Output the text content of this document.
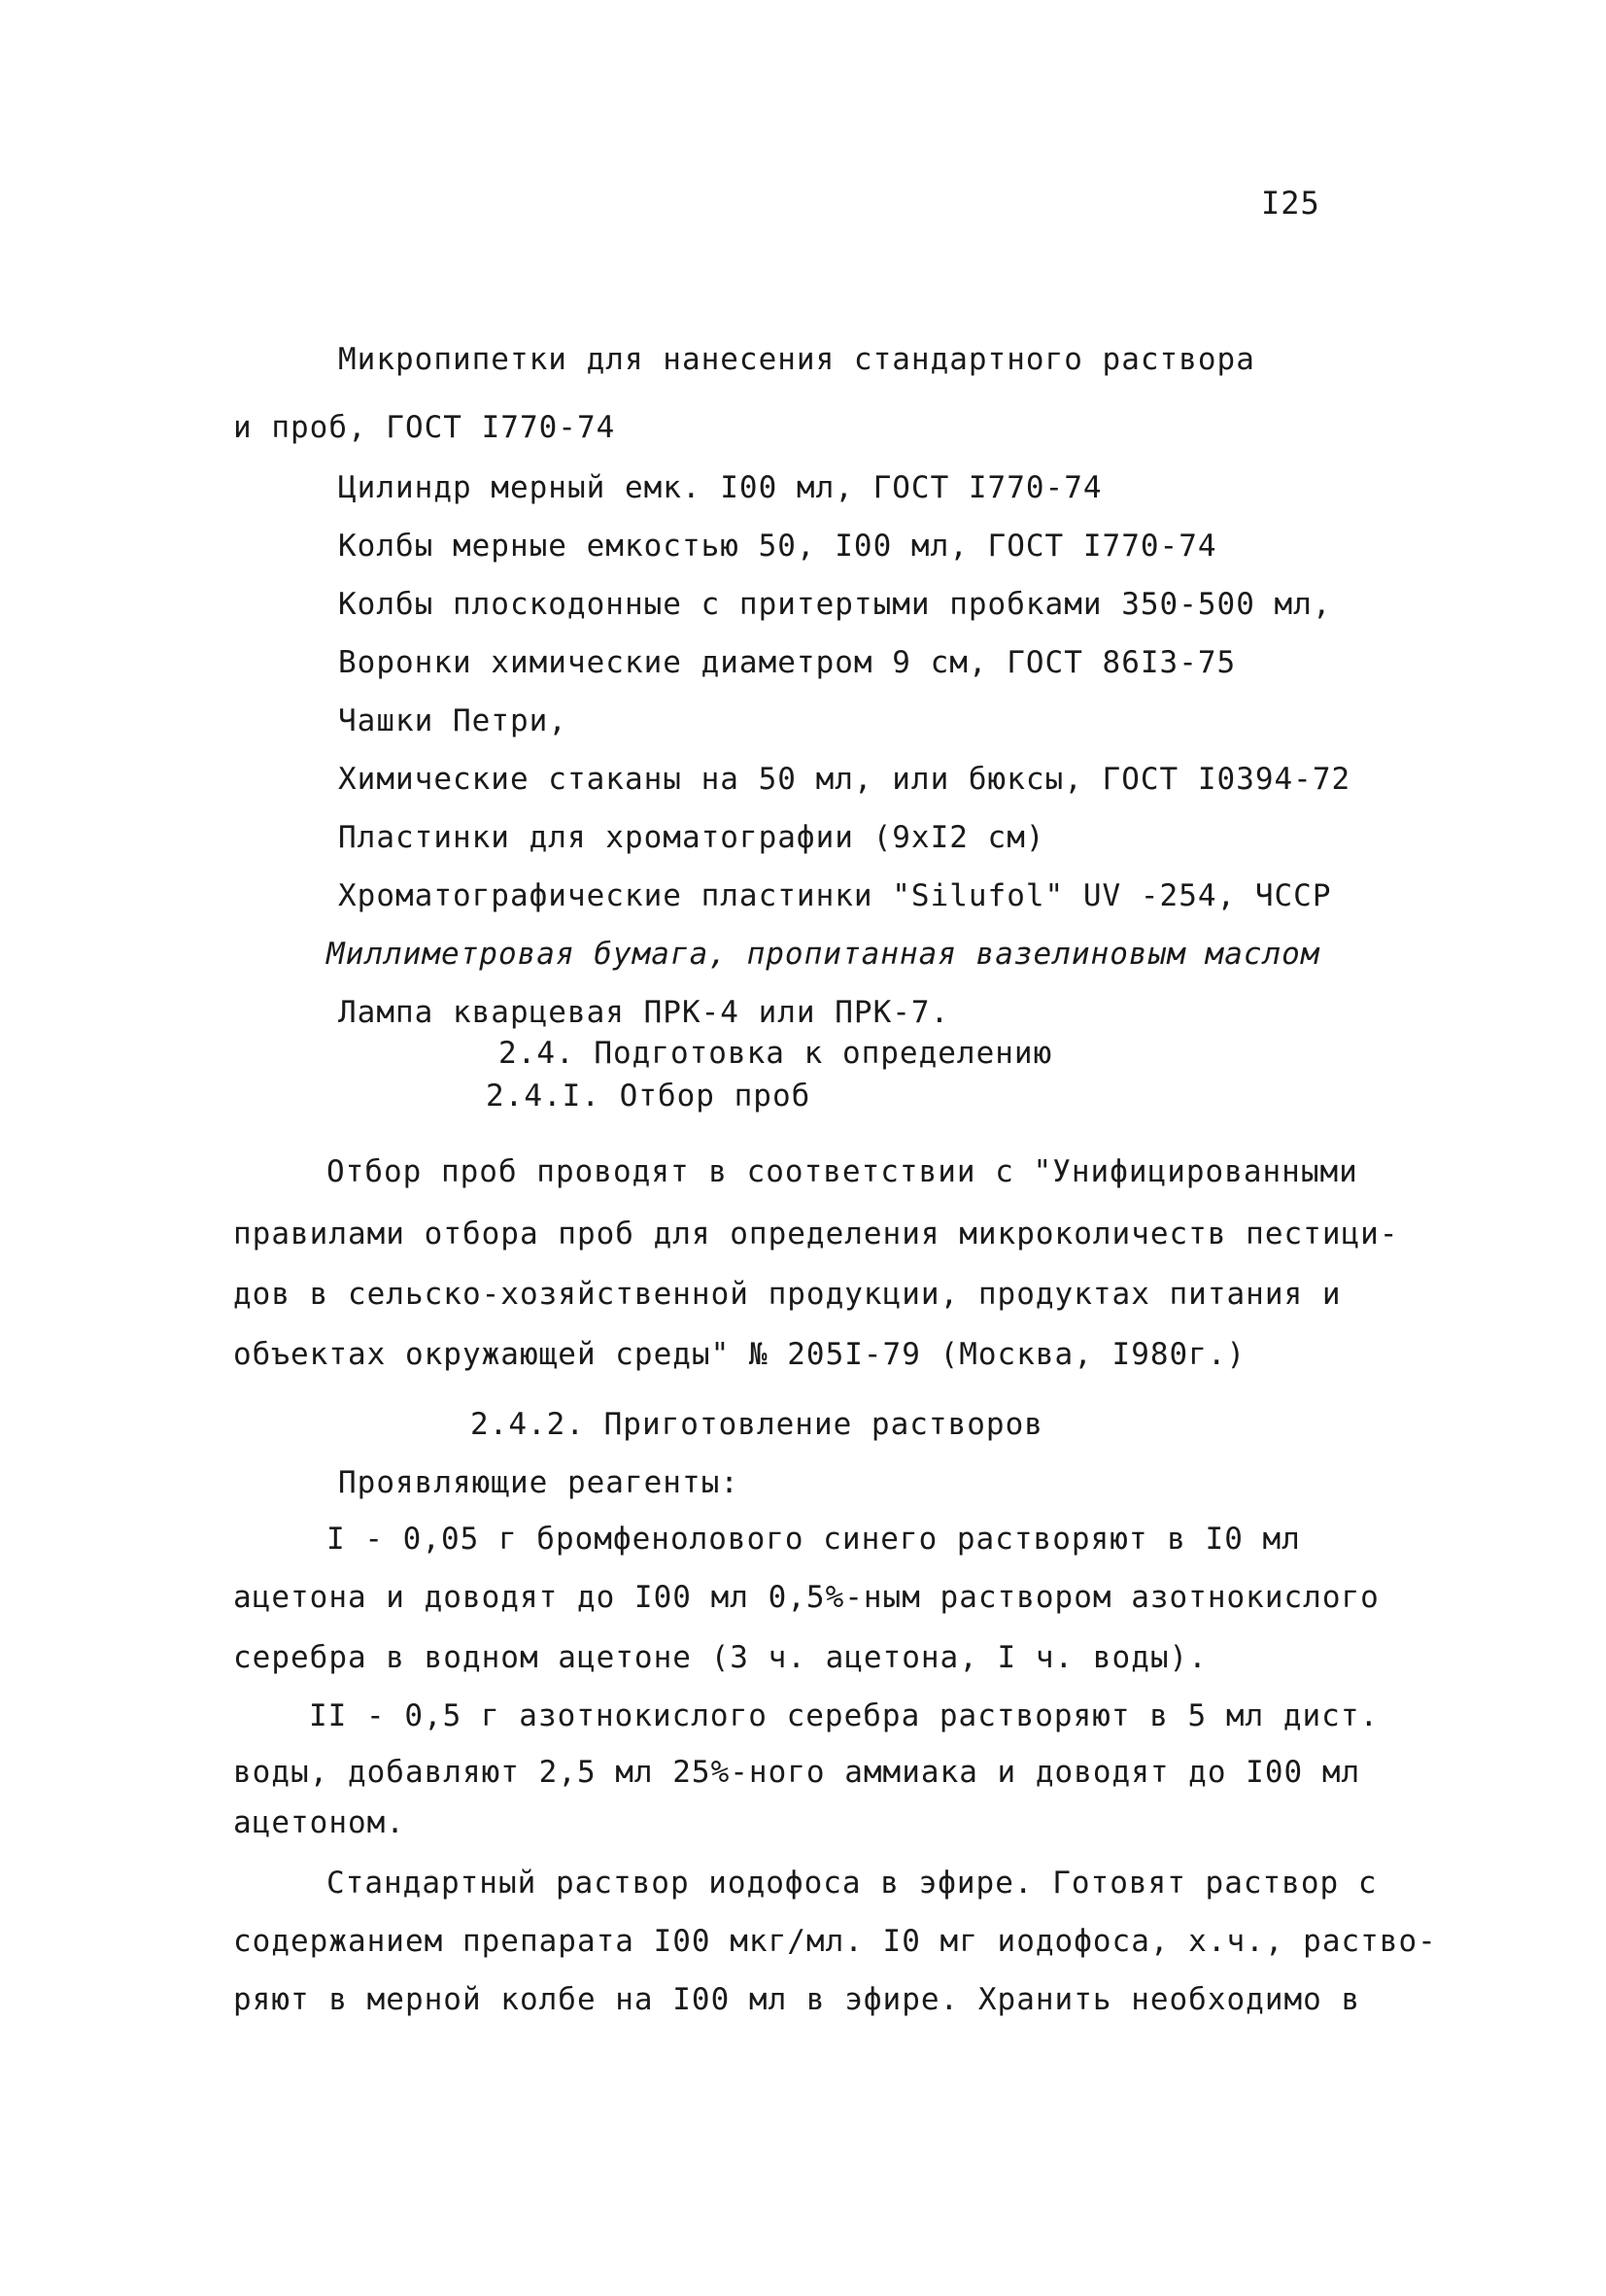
I25
Микропипетки для нанесения стандартного раствора
и проб, ГОСТ I770-74
Цилиндр мерный емк. I00 мл, ГОСТ I770-74
Колбы мерные емкостью 50, I00 мл, ГОСТ I770-74
Колбы плоскодонные с притертыми пробками 350-500 мл,
Воронки химические диаметром 9 см, ГОСТ 86I3-75
Чашки Петри,
Химические стаканы на 50 мл, или бюксы, ГОСТ I0394-72
Пластинки для хроматографии (9хI2 см)
Хроматографические пластинки "Silufol" UV -254, ЧССР
Миллиметровая бумага, пропитанная вазелиновым маслом
Лампа кварцевая ПРК-4 или ПРК-7.
2.4. Подготовка к определению
2.4.I. Отбор проб
Отбор проб проводят в соответствии с "Унифицированными
правилами отбора проб для определения микроколичеств пестици-
дов в сельско-хозяйственной продукции, продуктах питания и
объектах окружающей среды" № 205I-79 (Москва, I980г.)
2.4.2. Приготовление растворов
Проявляющие реагенты:
I - 0,05 г бромфенолового синего растворяют в I0 мл
ацетона и доводят до I00 мл 0,5%-ным раствором азотнокислого
серебра в водном ацетоне (3 ч. ацетона, I ч. воды).
II - 0,5 г азотнокислого серебра растворяют в 5 мл дист.
воды, добавляют 2,5 мл 25%-ного аммиака и доводят до I00 мл
ацетоном.
Стандартный раствор иодофоса в эфире. Готовят раствор с
содержанием препарата I00 мкг/мл. I0 мг иодофоса, х.ч., раство-
ряют в мерной колбе на I00 мл в эфире. Хранить необходимо в
